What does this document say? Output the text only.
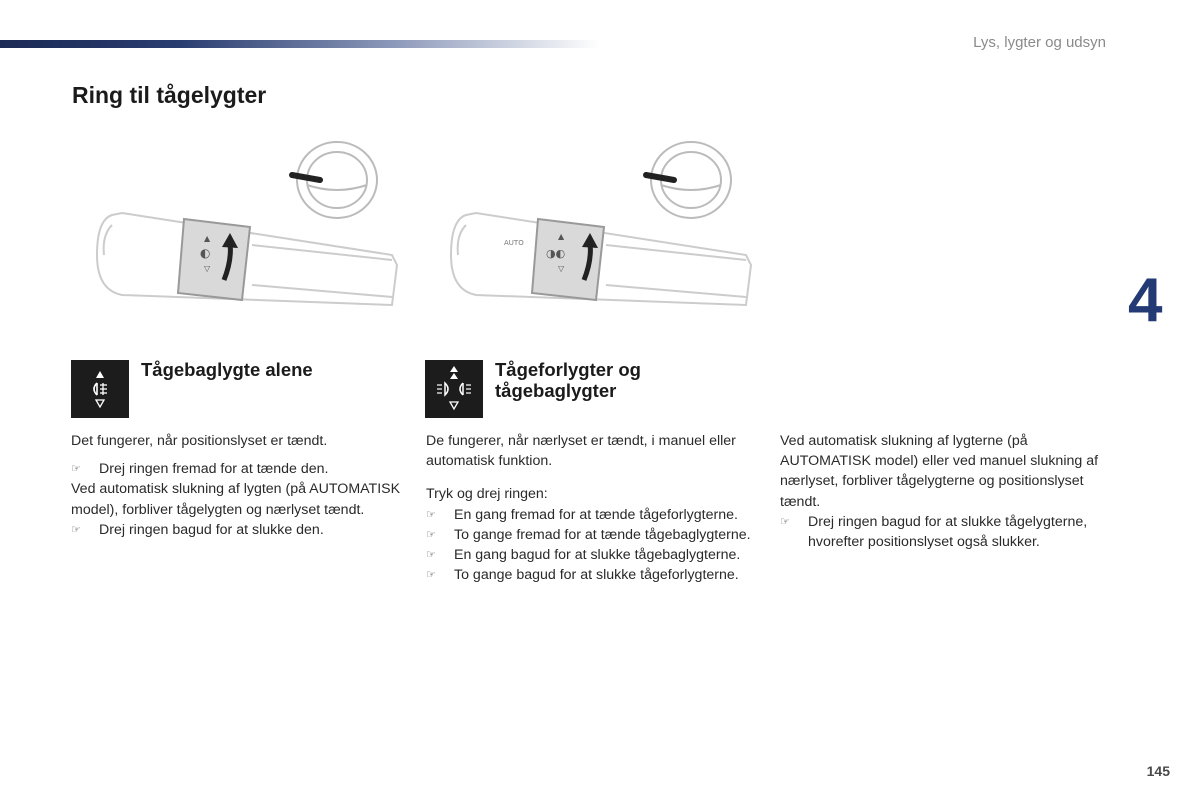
Lys, lygter og udsyn
Ring til tågelygter
4
◐
▲
▽
AUTO
◑◐
▲
▽
Tågebaglygte alene	Tågeforlygter og tågebaglygter

Det fungerer, når positionslyset er tændt.

☞ Drej ringen fremad for at tænde den.

Ved automatisk slukning af lygten (på AUTOMATISK model), forbliver tågelygten og nærlyset tændt.

☞ Drej ringen bagud for at slukke den.

De fungerer, når nærlyset er tændt, i manuel eller automatisk funktion.

Tryk og drej ringen:

☞ En gang fremad for at tænde tågeforlygterne.

☞ To gange fremad for at tænde tågebaglygterne.

☞ En gang bagud for at slukke tågebaglygterne.

☞ To gange bagud for at slukke tågeforlygterne.

Ved automatisk slukning af lygterne (på AUTOMATISK model) eller ved manuel slukning af nærlyset, forbliver tågelygterne og positionslyset tændt.

☞ Drej ringen bagud for at slukke tågelygterne, hvorefter positionslyset også slukker.

145
